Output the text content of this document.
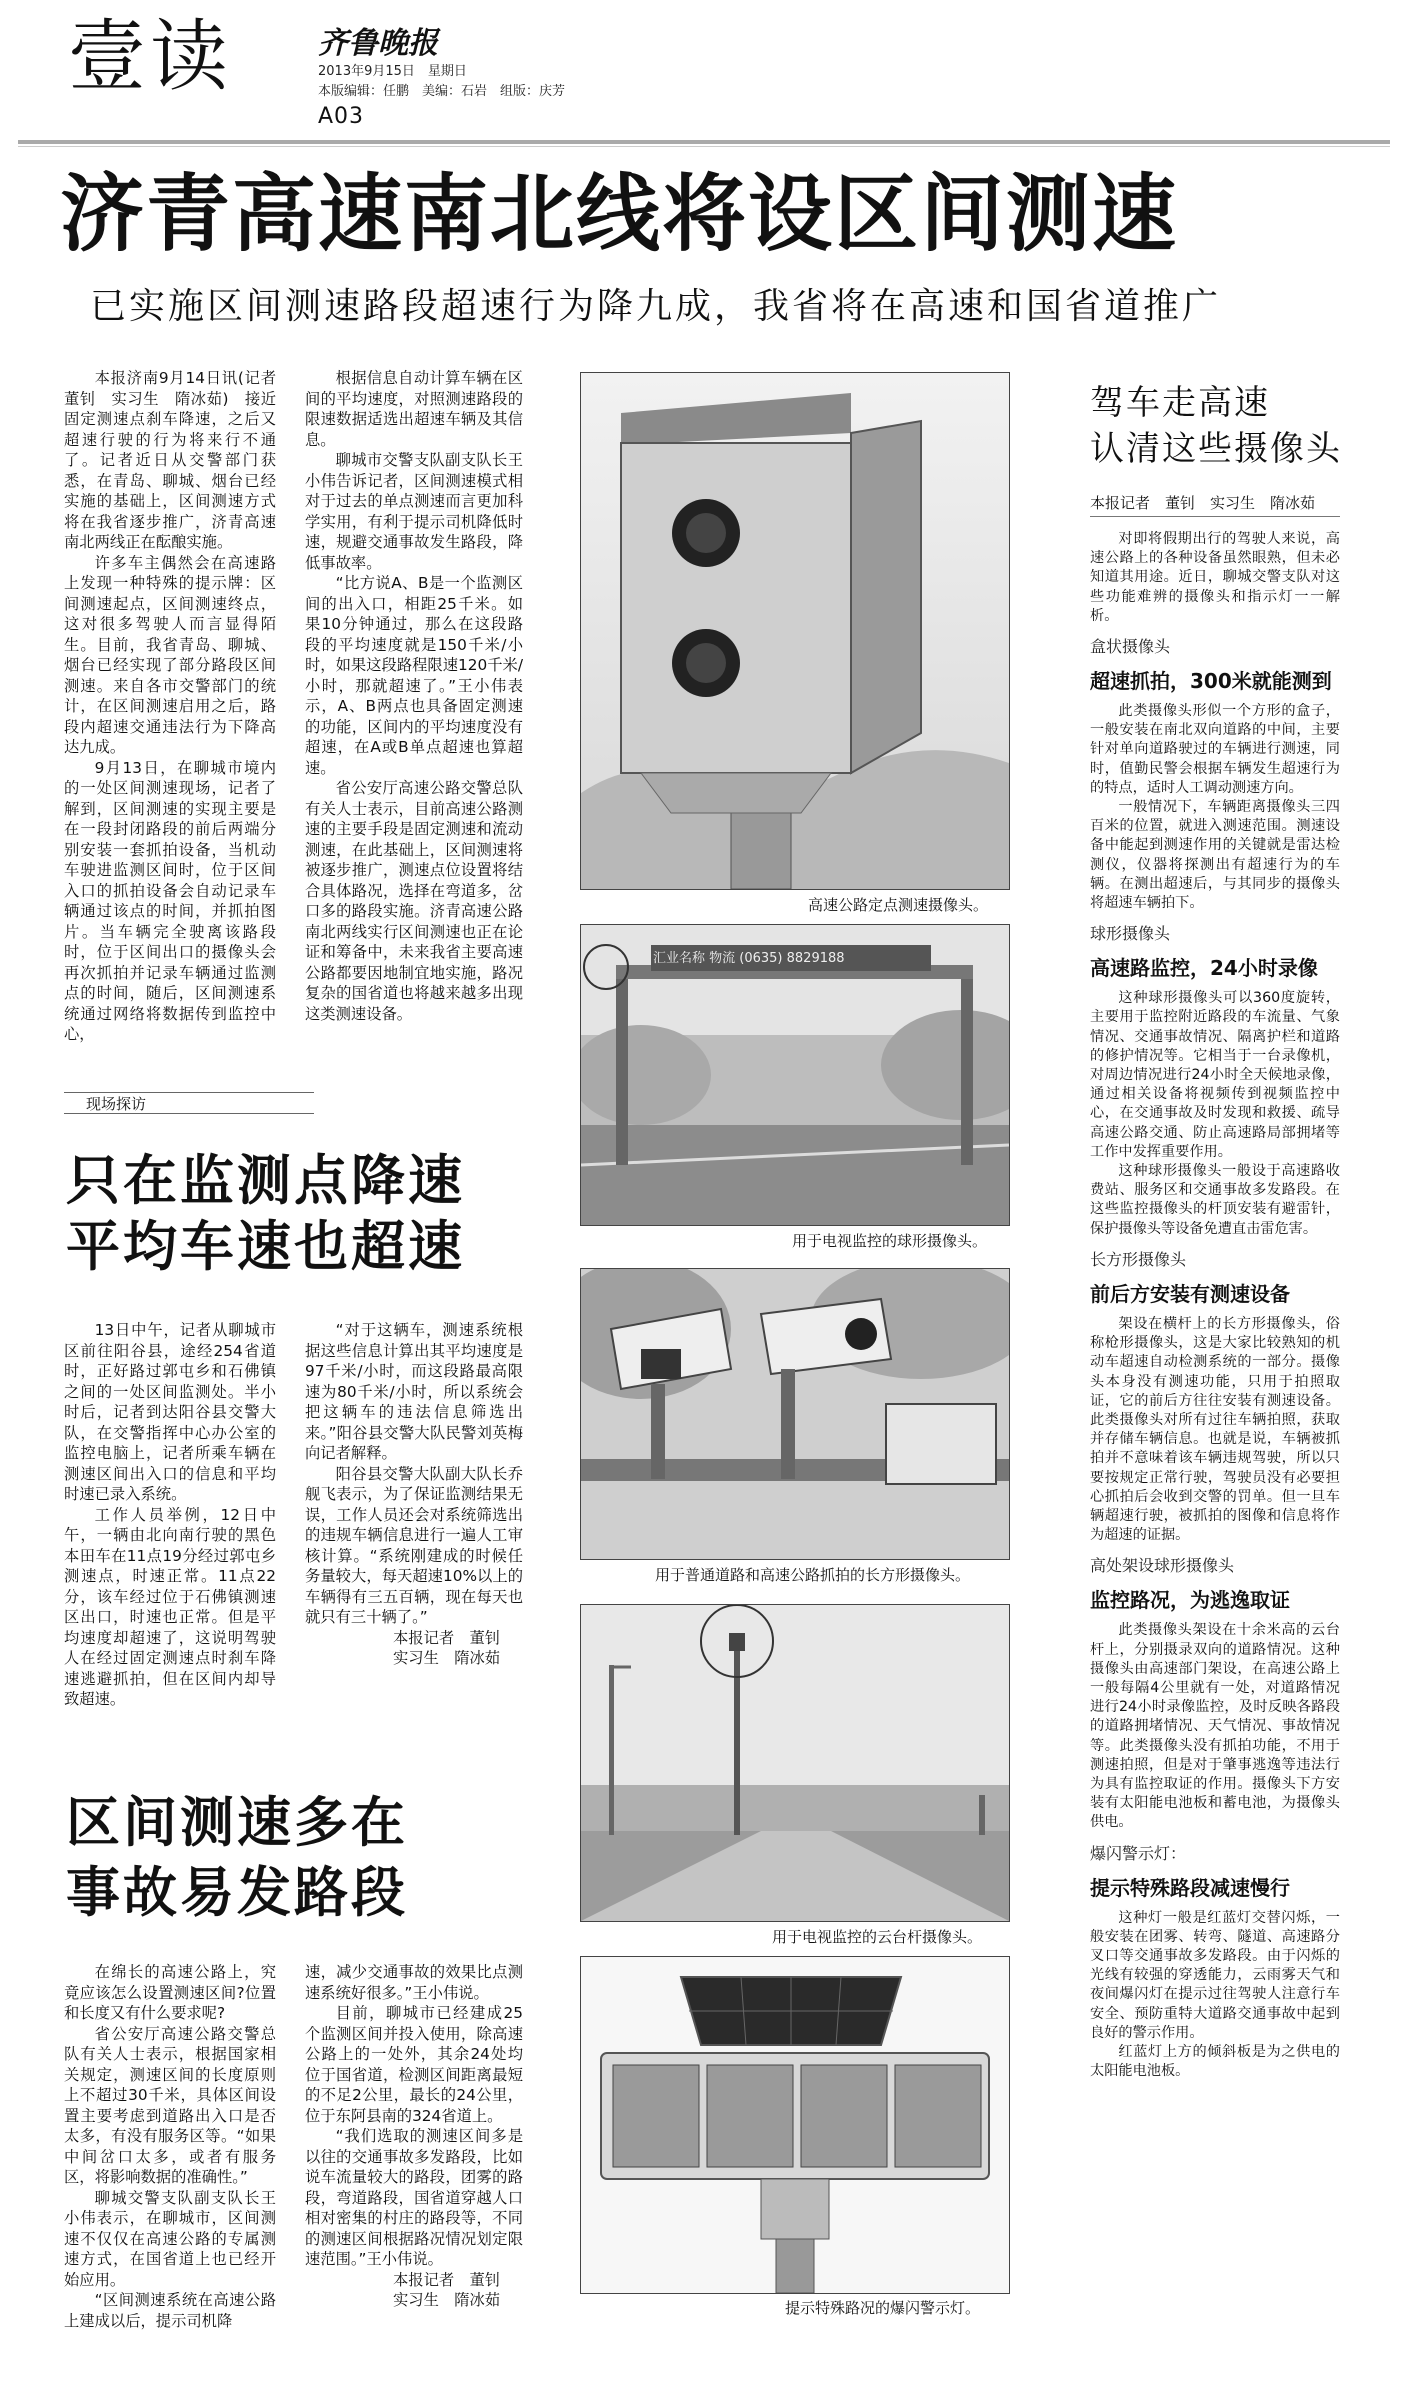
壹读	齐鲁晚报
2013年9月15日　星期日
本版编辑：任鹏　美编：石岩　组版：庆芳
A03
济青高速南北线将设区间测速
已实施区间测速路段超速行为降九成，我省将在高速和国省道推广

本报济南9月14日讯(记者　董钊　实习生　隋冰茹)　接近固定测速点刹车降速，之后又超速行驶的行为将来行不通了。记者近日从交警部门获悉，在青岛、聊城、烟台已经实施的基础上，区间测速方式将在我省逐步推广，济青高速南北两线正在酝酿实施。

许多车主偶然会在高速路上发现一种特殊的提示牌：区间测速起点，区间测速终点，这对很多驾驶人而言显得陌生。目前，我省青岛、聊城、烟台已经实现了部分路段区间测速。来自各市交警部门的统计，在区间测速启用之后，路段内超速交通违法行为下降高达九成。

9月13日，在聊城市境内的一处区间测速现场，记者了解到，区间测速的实现主要是在一段封闭路段的前后两端分别安装一套抓拍设备，当机动车驶进监测区间时，位于区间入口的抓拍设备会自动记录车辆通过该点的时间，并抓拍图片。当车辆完全驶离该路段时，位于区间出口的摄像头会再次抓拍并记录车辆通过监测点的时间，随后，区间测速系统通过网络将数据传到监控中心，

根据信息自动计算车辆在区间的平均速度，对照测速路段的限速数据适选出超速车辆及其信息。

聊城市交警支队副支队长王小伟告诉记者，区间测速模式相对于过去的单点测速而言更加科学实用，有利于提示司机降低时速，规避交通事故发生路段，降低事故率。

“比方说A、B是一个监测区间的出入口，相距25千米。如果10分钟通过，那么在这段路段的平均速度就是150千米/小时，如果这段路程限速120千米/小时，那就超速了。”王小伟表示，A、B两点也具备固定测速的功能，区间内的平均速度没有超速，在A或B单点超速也算超速。

省公安厅高速公路交警总队有关人士表示，目前高速公路测速的主要手段是固定测速和流动测速，在此基础上，区间测速将被逐步推广，测速点位设置将结合具体路况，选择在弯道多，岔口多的路段实施。济青高速公路南北两线实行区间测速也正在论证和筹备中，未来我省主要高速公路都要因地制宜地实施，路况复杂的国省道也将越来越多出现这类测速设备。

现场探访
只在监测点降速
平均车速也超速

13日中午，记者从聊城市区前往阳谷县，途经254省道时，正好路过郭屯乡和石佛镇之间的一处区间监测处。半小时后，记者到达阳谷县交警大队，在交警指挥中心办公室的监控电脑上，记者所乘车辆在测速区间出入口的信息和平均时速已录入系统。

工作人员举例，12日中午，一辆由北向南行驶的黑色本田车在11点19分经过郭屯乡测速点，时速正常。11点22分，该车经过位于石佛镇测速区出口，时速也正常。但是平均速度却超速了，这说明驾驶人在经过固定测速点时刹车降速逃避抓拍，但在区间内却导致超速。

“对于这辆车，测速系统根据这些信息计算出其平均速度是97千米/小时，而这段路最高限速为80千米/小时，所以系统会把这辆车的违法信息筛选出来。”阳谷县交警大队民警刘英梅向记者解释。

阳谷县交警大队副大队长乔舰飞表示，为了保证监测结果无误，工作人员还会对系统筛选出的违规车辆信息进行一遍人工审核计算。“系统刚建成的时候任务量较大，每天超速10%以上的车辆得有三五百辆，现在每天也就只有三十辆了。”

本报记者　董钊
实习生　隋冰茹
区间测速多在
事故易发路段

在绵长的高速公路上，究竟应该怎么设置测速区间?位置和长度又有什么要求呢?

省公安厅高速公路交警总队有关人士表示，根据国家相关规定，测速区间的长度原则上不超过30千米，具体区间设置主要考虑到道路出入口是否太多，有没有服务区等。“如果中间岔口太多，或者有服务区，将影响数据的准确性。”

聊城交警支队副支队长王小伟表示，在聊城市，区间测速不仅仅在高速公路的专属测速方式，在国省道上也已经开始应用。

“区间测速系统在高速公路上建成以后，提示司机降

速，减少交通事故的效果比点测速系统好很多。”王小伟说。

目前，聊城市已经建成25个监测区间并投入使用，除高速公路上的一处外，其余24处均位于国省道，检测区间距离最短的不足2公里，最长的24公里，位于东阿县南的324省道上。

“我们选取的测速区间多是以往的交通事故多发路段，比如说车流量较大的路段，团雾的路段，弯道路段，国省道穿越人口相对密集的村庄的路段等，不同的测速区间根据路况情况划定限速范围。”王小伟说。

本报记者　董钊
实习生　隋冰茹
高速公路定点测速摄像头。
汇业名称 物流 (0635) 8829188
用于电视监控的球形摄像头。
用于普通道路和高速公路抓拍的长方形摄像头。
用于电视监控的云台杆摄像头。
提示特殊路况的爆闪警示灯。
驾车走高速
认清这些摄像头
本报记者　董钊　实习生　隋冰茹

对即将假期出行的驾驶人来说，高速公路上的各种设备虽然眼熟，但未必知道其用途。近日，聊城交警支队对这些功能难辨的摄像头和指示灯一一解析。

盒状摄像头
超速抓拍，300米就能测到

此类摄像头形似一个方形的盒子，一般安装在南北双向道路的中间，主要针对单向道路驶过的车辆进行测速，同时，值勤民警会根据车辆发生超速行为的特点，适时人工调动测速方向。

一般情况下，车辆距离摄像头三四百米的位置，就进入测速范围。测速设备中能起到测速作用的关键就是雷达检测仪，仪器将探测出有超速行为的车辆。在测出超速后，与其同步的摄像头将超速车辆拍下。

球形摄像头
高速路监控，24小时录像

这种球形摄像头可以360度旋转，主要用于监控附近路段的车流量、气象情况、交通事故情况、隔离护栏和道路的修护情况等。它相当于一台录像机，对周边情况进行24小时全天候地录像，通过相关设备将视频传到视频监控中心，在交通事故及时发现和救援、疏导高速公路交通、防止高速路局部拥堵等工作中发挥重要作用。

这种球形摄像头一般设于高速路收费站、服务区和交通事故多发路段。在这些监控摄像头的杆顶安装有避雷针，保护摄像头等设备免遭直击雷危害。

长方形摄像头
前后方安装有测速设备

架设在横杆上的长方形摄像头，俗称枪形摄像头，这是大家比较熟知的机动车超速自动检测系统的一部分。摄像头本身没有测速功能，只用于拍照取证，它的前后方往往安装有测速设备。此类摄像头对所有过往车辆拍照，获取并存储车辆信息。也就是说，车辆被抓拍并不意味着该车辆违规驾驶，所以只要按规定正常行驶，驾驶员没有必要担心抓拍后会收到交警的罚单。但一旦车辆超速行驶，被抓拍的图像和信息将作为超速的证据。

高处架设球形摄像头
监控路况，为逃逸取证

此类摄像头架设在十余米高的云台杆上，分别摄录双向的道路情况。这种摄像头由高速部门架设，在高速公路上一般每隔4公里就有一处，对道路情况进行24小时录像监控，及时反映各路段的道路拥堵情况、天气情况、事故情况等。此类摄像头没有抓拍功能，不用于测速拍照，但是对于肇事逃逸等违法行为具有监控取证的作用。摄像头下方安装有太阳能电池板和蓄电池，为摄像头供电。

爆闪警示灯：
提示特殊路段减速慢行

这种灯一般是红蓝灯交替闪烁，一般安装在团雾、转弯、隧道、高速路分叉口等交通事故多发路段。由于闪烁的光线有较强的穿透能力，云雨雾天气和夜间爆闪灯在提示过往驾驶人注意行车安全、预防重特大道路交通事故中起到良好的警示作用。

红蓝灯上方的倾斜板是为之供电的太阳能电池板。
